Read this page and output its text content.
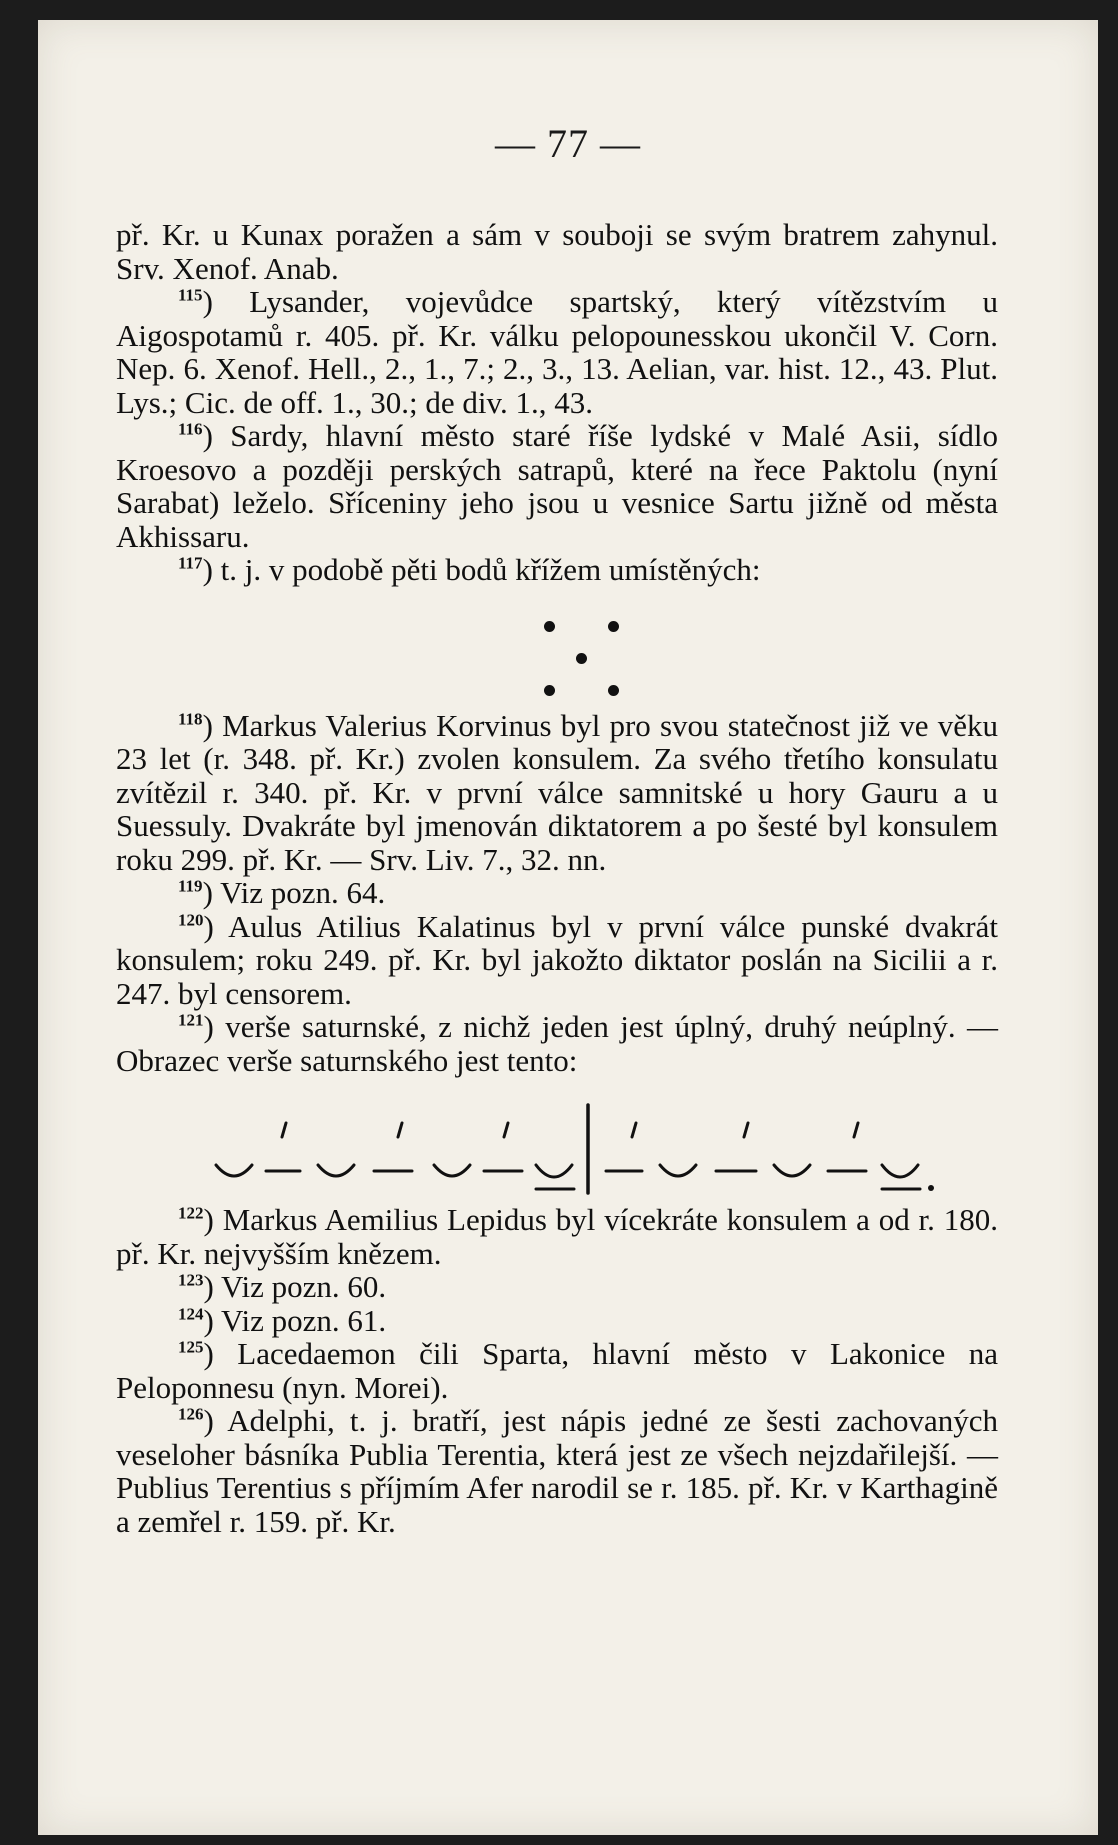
— 77 —

př. Kr. u Kunax poražen a sám v souboji se svým bratrem zahynul. Srv. Xenof. Anab.

$^{115}$) Lysander, vojevůdce spartský, který vítězstvím u Aigospotamů r. 405. př. Kr. válku pelopounesskou ukončil V. Corn. Nep. 6. Xenof. Hell., 2., 1., 7.; 2., 3., 13. Aelian, var. hist. 12., 43. Plut. Lys.; Cic. de off. 1., 30.; de div. 1., 43.

$^{116}$) Sardy, hlavní město staré říše lydské v Malé Asii, sídlo Kroesovo a později perských satrapů, které na řece Paktolu (nyní Sarabat) leželo. Sříceniny jeho jsou u vesnice Sartu jižně od města Akhissaru.

$^{117}$) t. j. v podobě pěti bodů křížem umístěných:

$^{118}$) Markus Valerius Korvinus byl pro svou statečnost již ve věku 23 let (r. 348. př. Kr.) zvolen konsulem. Za svého třetího konsulatu zvítězil r. 340. př. Kr. v první válce samnitské u hory Gauru a u Suessuly. Dvakráte byl jmenován diktatorem a po šesté byl konsulem roku 299. př. Kr. — Srv. Liv. 7., 32. nn.

$^{119}$) Viz pozn. 64.

$^{120}$) Aulus Atilius Kalatinus byl v první válce punské dvakrát konsulem; roku 249. př. Kr. byl jakožto diktator poslán na Sicilii a r. 247. byl censorem.

$^{121}$) verše saturnské, z nichž jeden jest úplný, druhý neúplný. — Obrazec verše saturnského jest tento:

$^{122}$) Markus Aemilius Lepidus byl vícekráte konsulem a od r. 180. př. Kr. nejvyšším knězem.

$^{123}$) Viz pozn. 60.

$^{124}$) Viz pozn. 61.

$^{125}$) Lacedaemon čili Sparta, hlavní město v Lakonice na Peloponnesu (nyn. Morei).

$^{126}$) Adelphi, t. j. bratří, jest nápis jedné ze šesti zachovaných veseloher básníka Publia Terentia, která jest ze všech nejzdařilejší. — Publius Terentius s příjmím Afer narodil se r. 185. př. Kr. v Karthagině a zemřel r. 159. př. Kr.
